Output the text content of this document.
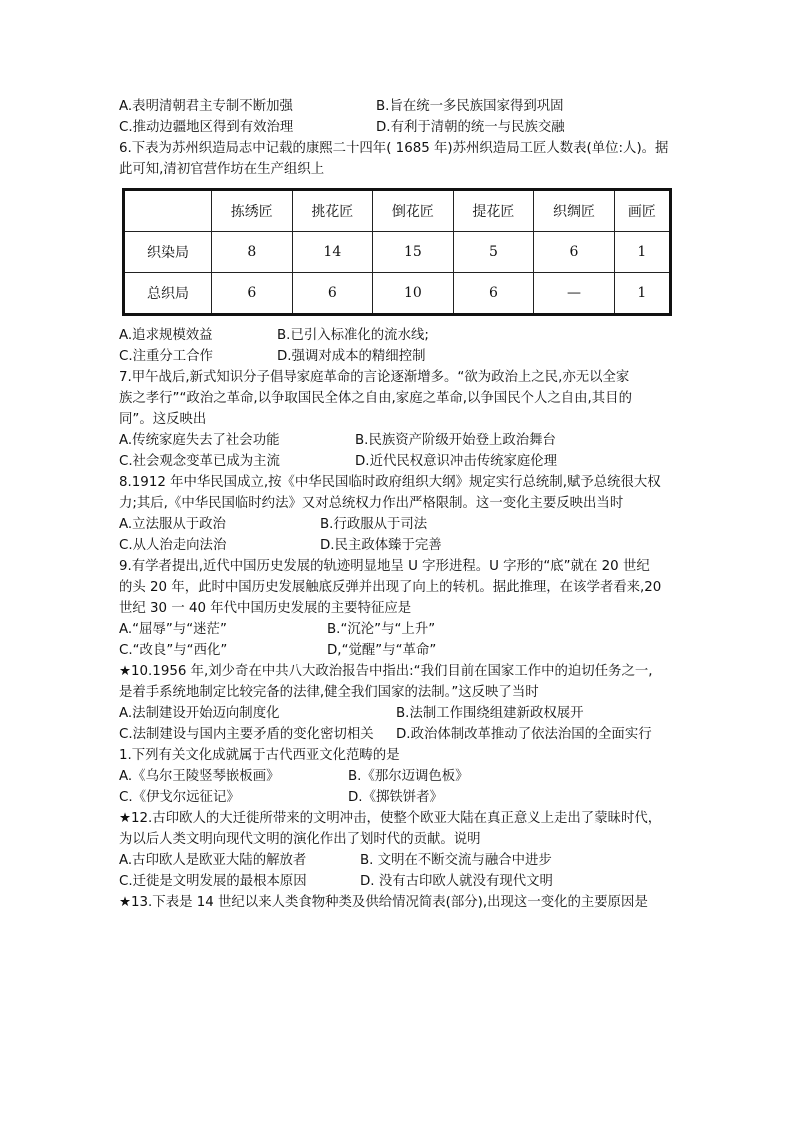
A.表明清朝君主专制不断加强	B.旨在统一多民族国家得到巩固
C.推动边疆地区得到有效治理	D.有利于清朝的统一与民族交融
6.下表为苏州织造局志中记载的康熙二十四年( 1685 年)苏州织造局工匠人数表(单位:人)。据
此可知,清初官营作坊在生产组织上
	拣绣匠	挑花匠	倒花匠	提花匠	织绸匠	画匠
织染局	8	14	15	5	6	1
总织局	6	6	10	6	—	1
A.追求规模效益	B.已引入标准化的流水线;
C.注重分工合作	D.强调对成本的精细控制
7.甲午战后,新式知识分子倡导家庭革命的言论逐渐增多。“欲为政治上之民,亦无以全家
族之孝行”“政治之革命,以争取国民全体之自由,家庭之革命,以争国民个人之自由,其目的
同”。这反映出
A.传统家庭失去了社会功能	B.民族资产阶级开始登上政治舞台
C.社会观念变革已成为主流	D.近代民权意识冲击传统家庭伦理
8.1912 年中华民国成立,按《中华民国临时政府组织大纲》规定实行总统制,赋予总统很大权
力;其后,《中华民国临时约法》又对总统权力作出严格限制。这一变化主要反映出当时
A.立法服从于政治	B.行政服从于司法
C.从人治走向法治	D.民主政体臻于完善
9.有学者提出,近代中国历史发展的轨迹明显地呈 U 字形进程。U 字形的“底”就在 20 世纪
的头 20 年，此时中国历史发展触底反弹并出现了向上的转机。据此推理，在该学者看来,20
世纪 30 一 40 年代中国历史发展的主要特征应是
A.“屈辱”与“迷茫”	B.“沉沦”与“上升”
C.“改良”与“西化”	D,“觉醒”与“革命”
★10.1956 年,刘少奇在中共八大政治报告中指出:“我们目前在国家工作中的迫切任务之一,
是着手系统地制定比较完备的法律,健全我们国家的法制。”这反映了当时
A.法制建设开始迈向制度化	B.法制工作围绕组建新政权展开
C.法制建设与国内主要矛盾的变化密切相关 D.政治体制改革推动了依法治国的全面实行
1.下列有关文化成就属于古代西亚文化范畴的是
A.《乌尔王陵竖琴嵌板画》	B.《那尔迈调色板》
C.《伊戈尔远征记》	D.《掷铁饼者》
★12.古印欧人的大迁徙所带来的文明冲击，使整个欧亚大陆在真正意义上走出了蒙昧时代，
为以后人类文明向现代文明的演化作出了划时代的贡献。说明
A.古印欧人是欧亚大陆的解放者	B. 文明在不断交流与融合中进步
C.迁徙是文明发展的最根本原因	D. 没有古印欧人就没有现代文明
★13.下表是 14 世纪以来人类食物种类及供给情况简表(部分),出现这一变化的主要原因是
